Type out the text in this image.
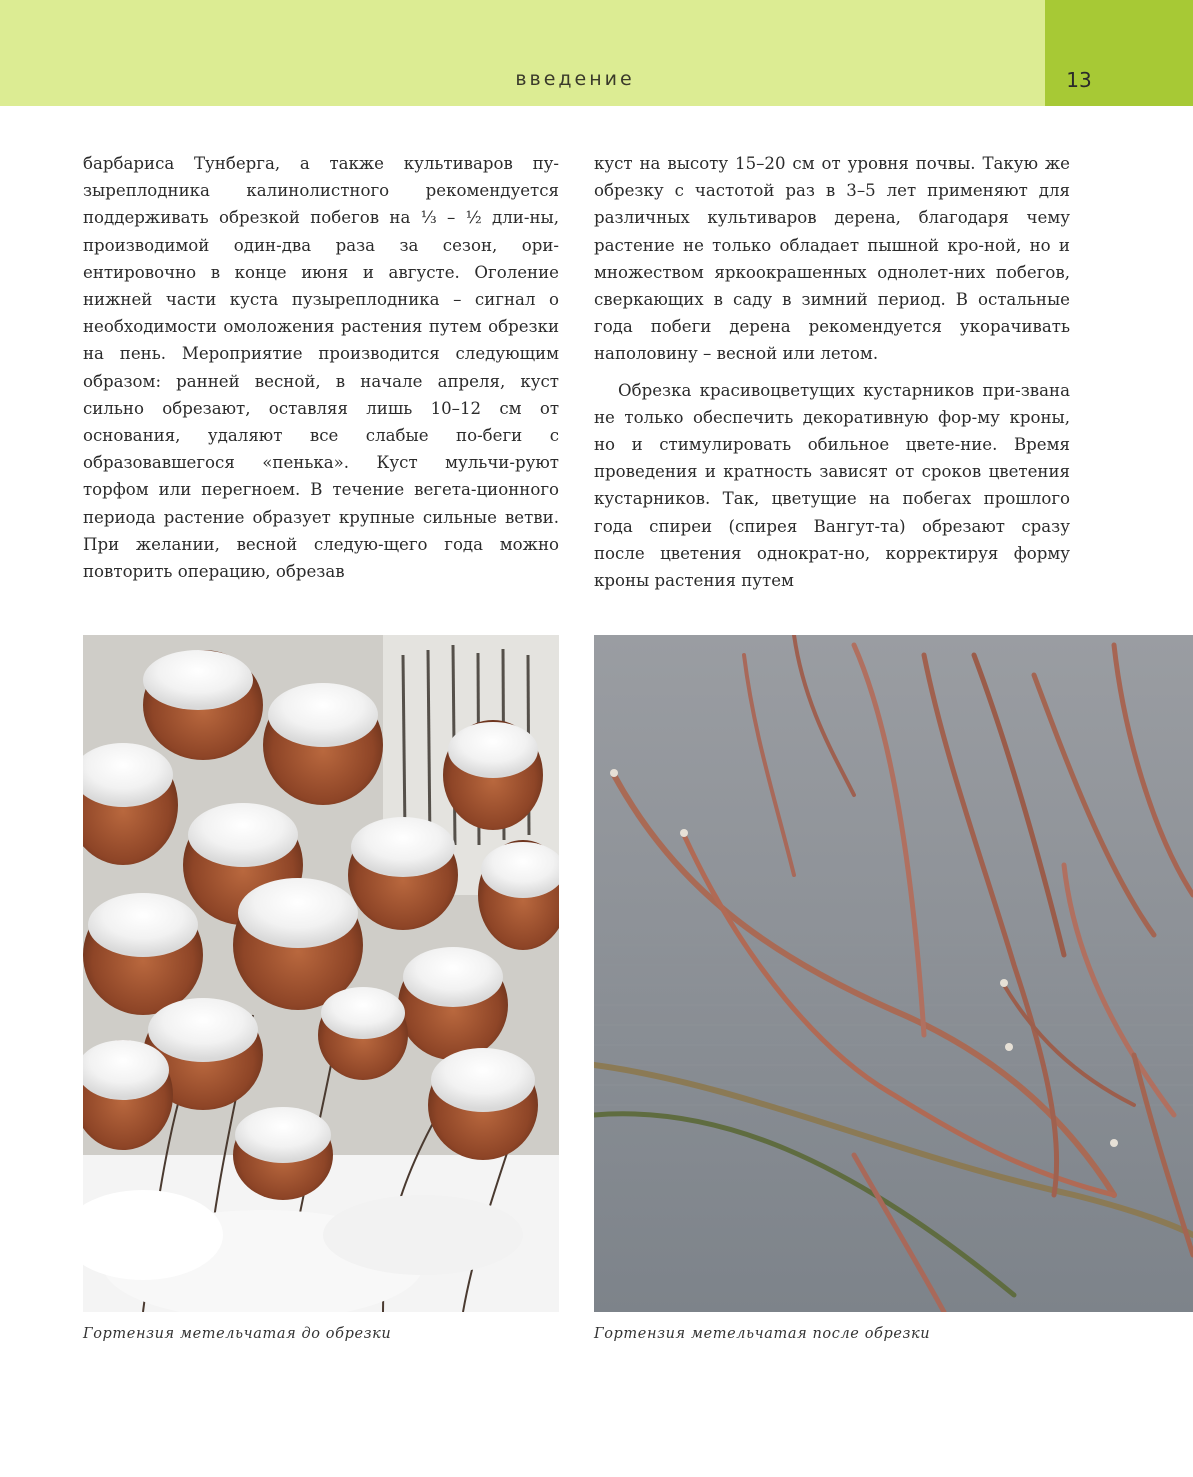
введение	13

барбариса Тунберга, а также культиваров пу-зыреплодника калинолистного рекомендуется поддерживать обрезкой побегов на ⅓ – ½ дли-ны, производимой один-два раза за сезон, ори-ентировочно в конце июня и августе. Оголение нижней части куста пузыреплодника – сигнал о необходимости омоложения растения путем обрезки на пень. Мероприятие производится следующим образом: ранней весной, в начале апреля, куст сильно обрезают, оставляя лишь 10–12 см от основания, удаляют все слабые по-беги с образовавшегося «пенька». Куст мульчи-руют торфом или перегноем. В течение вегета-ционного периода растение образует крупные сильные ветви. При желании, весной следую-щего года можно повторить операцию, обрезав

куст на высоту 15–20 см от уровня почвы. Такую же обрезку с частотой раз в 3–5 лет применяют для различных культиваров дерена, благодаря чему растение не только обладает пышной кро-ной, но и множеством яркоокрашенных однолет-них побегов, сверкающих в саду в зимний период. В остальные года побеги дерена рекомендуется укорачивать наполовину – весной или летом.

Обрезка красивоцветущих кустарников при-звана не только обеспечить декоративную фор-му кроны, но и стимулировать обильное цвете-ние. Время проведения и кратность зависят от сроков цветения кустарников. Так, цветущие на побегах прошлого года спиреи (спирея Вангут-та) обрезают сразу после цветения однократ-но, корректируя форму кроны растения путем

Гортензия метельчатая до обрезки	Гортензия метельчатая после обрезки
